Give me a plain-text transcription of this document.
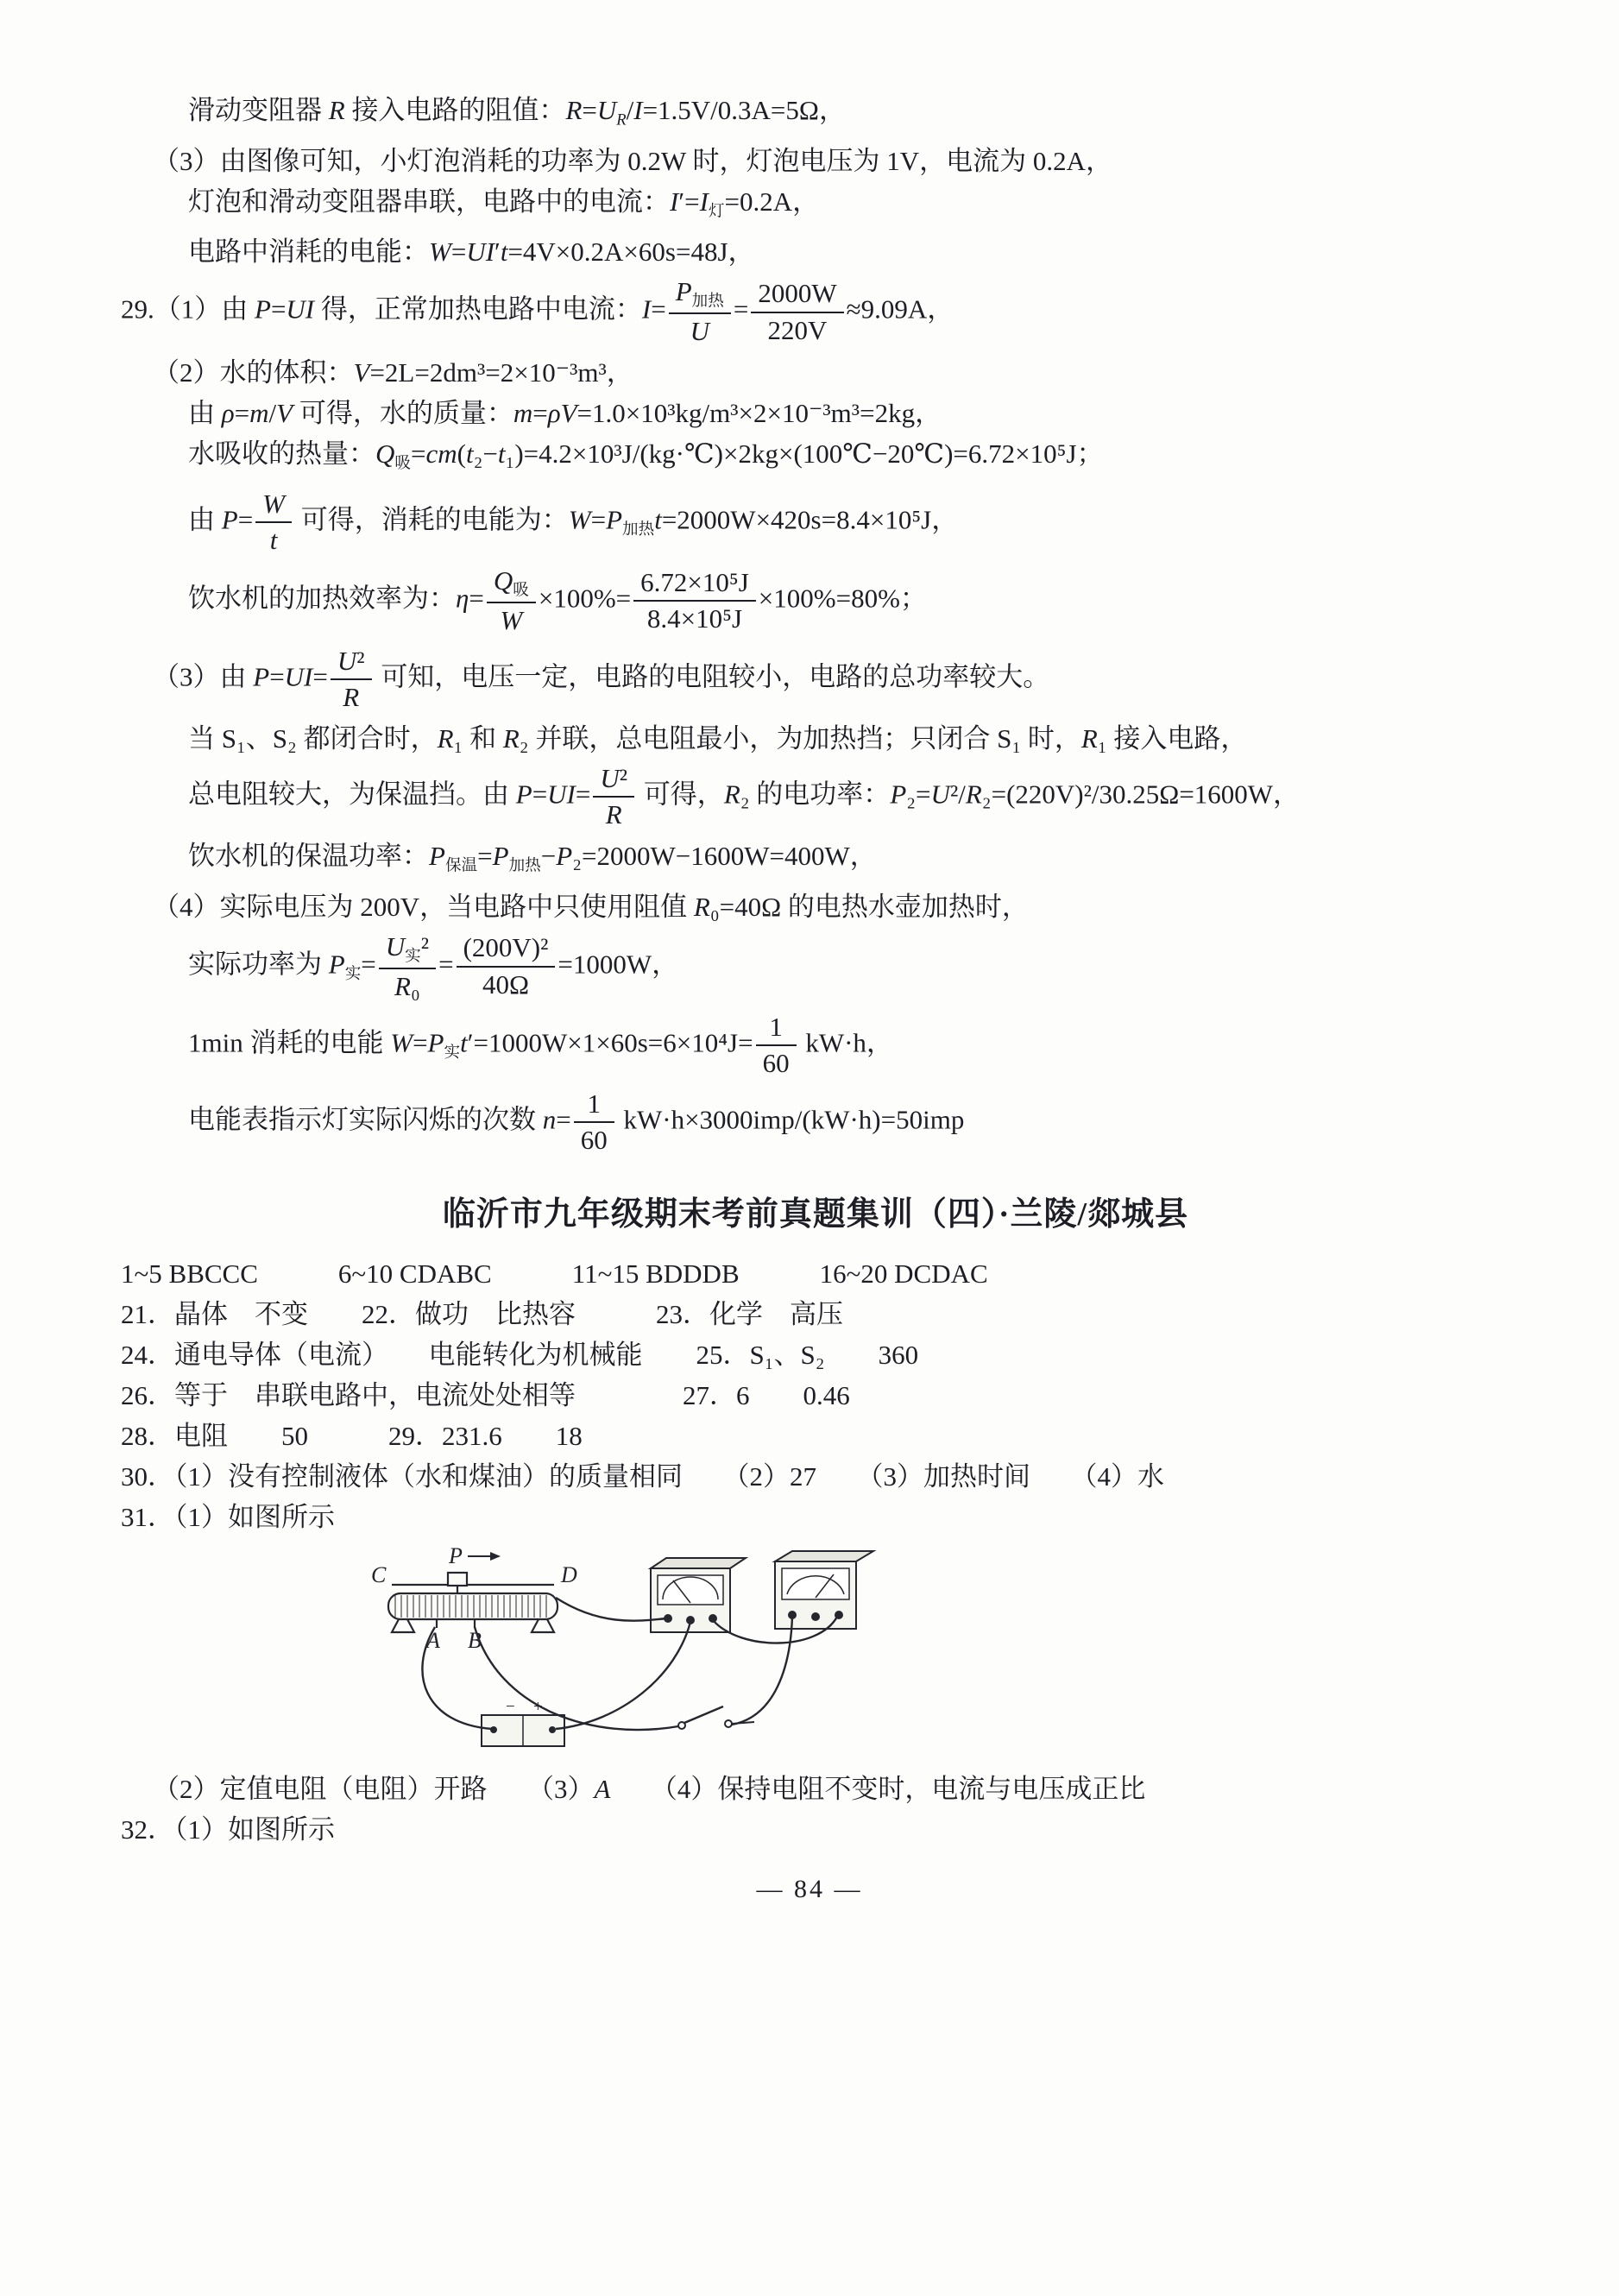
滑动变阻器 R 接入电路的阻值：$R=U_R/I=1.5V/0.3A=5\Omega$，
（3）由图像可知，小灯泡消耗的功率为 0.2W 时，灯泡电压为 1V，电流为 0.2A，
灯泡和滑动变阻器串联，电路中的电流：$I'=I_灯=0.2A$，
电路中消耗的电能：W=UI′t=4V×0.2A×60s=48J，
29.（1）由 P=UI 得，正常加热电路中电流：$I= \frac{P_{加热}}{U} = \frac{2000W}{220V} \approx 9.09A$，
（2）水的体积：V=2L=2dm³=2×10⁻³m³，
由 ρ=m/V 可得，水的质量：m=ρV=1.0×10³kg/m³×2×10⁻³m³=2kg，
水吸收的热量：$Q_吸=cm(t_2-t_1)=4.2\times 10^3J/(kg\cdot℃)\times 2kg\times(100℃-20℃)=6.72\times 10^5J$；
由 $P= \frac{W}{t}$ 可得，消耗的电能为：$W=P_{加热}t=2000W\times 420s=8.4\times 10^5J$，
饮水机的加热效率为：$\eta= \frac{Q_吸}{W} \times 100\%= \frac{\text{6.72×10⁵J}}{\text{8.4×10⁵J}} \times 100\%=80\%$；
（3）由 $P=UI= \frac{\text{U²}}{R}$ 可知，电压一定，电路的电阻较小，电路的总功率较大。
当 S₁、S₂ 都闭合时，R₁ 和 R₂ 并联，总电阻最小，为加热挡；只闭合 S₁ 时，R₁ 接入电路，
总电阻较大，为保温挡。由 $P=UI= \frac{\text{U²}}{R}$ 可得，R₂ 的电功率：P₂=U²/R₂=(220V)²/30.25Ω=1600W，
饮水机的保温功率：$P_{保温}=P_{加热}-P_2=2000W-1600W=400W$，
（4）实际电压为 200V，当电路中只使用阻值 R₀=40Ω 的电热水壶加热时，
实际功率为 $P_实= \frac{U_实^2}{\text{R₀}} = \frac{\text{(200V)²}}{40\Omega} =1000W$，
1min 消耗的电能 $W=P_实t'=1000W\times 1\times 60s=6\times 10^4J= \frac{1}{60} kW\cdot h$，
电能表指示灯实际闪烁的次数 $n= \frac{1}{60} kW\cdot h\times 3000imp/(kW\cdot h)=50imp$
临沂市九年级期末考前真题集训（四）·兰陵/郯城县
1~5 BBCCC　　　6~10 CDABC　　　11~15 BDDDB　　　16~20 DCDAC
21．晶体　不变　　22．做功　比热容　　　23．化学　高压
24．通电导体（电流）　　电能转化为机械能　　25．S₁、S₂　　360
26．等于　串联电路中，电流处处相等　　　　27．6　　0.46
28．电阻　　50　　　29．231.6　　18
30．（1）没有控制液体（水和煤油）的质量相同　　（2）27　　（3）加热时间　　（4）水
31．（1）如图所示
C
P
D
A B
− +
（2）定值电阻（电阻）开路　　（3）A　　（4）保持电阻不变时，电流与电压成正比
32．（1）如图所示
— 84 —
